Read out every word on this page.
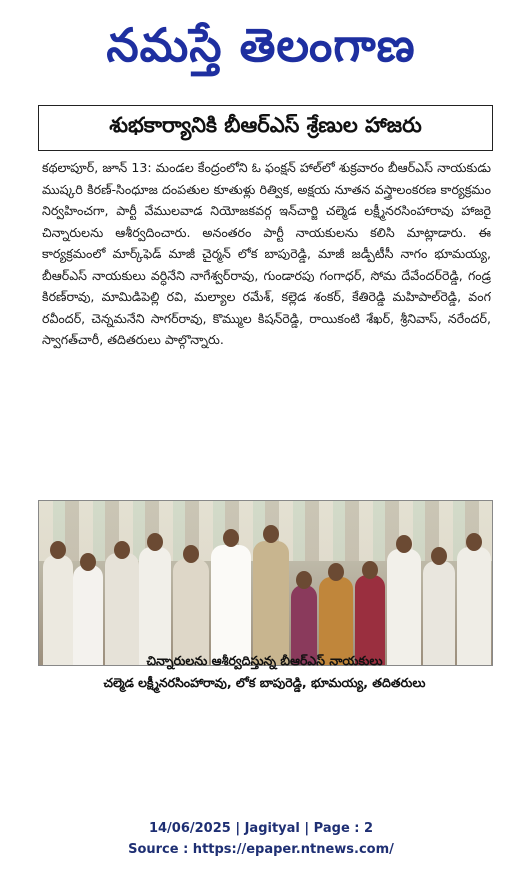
నమస్తే తెలంగాణ
శుభకార్యానికి బీఆర్ఎస్ శ్రేణుల హాజరు
కథలాపూర్, జూన్ 13: మండల కేంద్రంలోని ఓ ఫంక్షన్ హాల్‌లో శుక్రవారం బీఆర్ఎస్ నాయకుడు ముష్కరి కిరణ్-సింధూజ దంపతుల కూతుళ్లు రిత్విక, అక్షయ నూతన వస్త్రాలంకరణ కార్యక్రమం నిర్వహించగా, పార్టీ వేములవాడ నియోజకవర్గ ఇన్‌చార్జి చల్మెడ లక్ష్మీనరసింహారావు హాజరై చిన్నారులను ఆశీర్వదించారు. అనంతరం పార్టీ నాయకులను కలిసి మాట్లాడారు. ఈ కార్యక్రమంలో మార్క్‌ఫెడ్ మాజీ చైర్మన్ లోక బాపురెడ్డి, మాజీ జడ్పీటీసీ నాగం భూమయ్య, బీఆర్ఎస్ నాయకులు వర్ధినేని నాగేశ్వర్‌రావు, గుండారపు గంగాధర్, సోమ దేవేందర్‌రెడ్డి, గండ్ర కిరణ్‌రావు, మామిడిపెల్లి రవి, మల్యాల రమేశ్, కల్లెడ శంకర్, కేతిరెడ్డి మహిపాల్‌రెడ్డి, వంగ రవీందర్, చెన్నమనేని సాగర్‌రావు, కొమ్ముల కిషన్‌రెడ్డి, రాయికంటి శేఖర్, శ్రీనివాస్, నరేందర్, స్వాగత్‌చారీ, తదితరులు పాల్గొన్నారు.
చిన్నారులను ఆశీర్వదిస్తున్న బీఆర్ఎస్ నాయకులు
చల్మెడ లక్ష్మీనరసింహారావు, లోక బాపురెడ్డి, భూమయ్య, తదితరులు
14/06/2025 | Jagityal | Page : 2
Source : https://epaper.ntnews.com/
